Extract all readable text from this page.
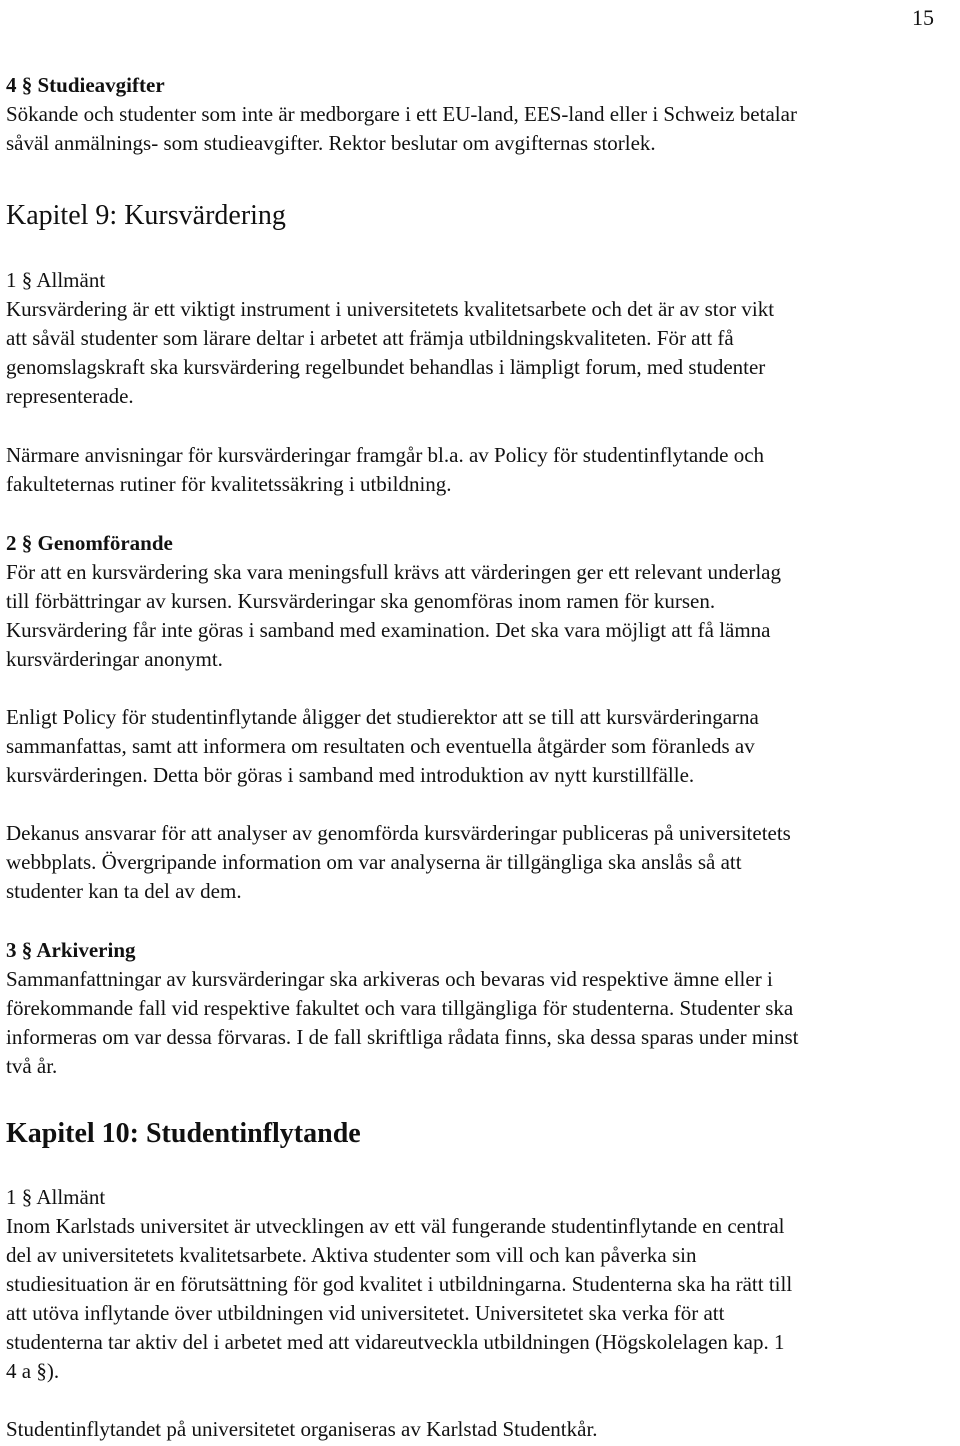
15
4 § Studieavgifter
Sökande och studenter som inte är medborgare i ett EU-land, EES-land eller i Schweiz betalar
såväl anmälnings- som studieavgifter. Rektor beslutar om avgifternas storlek.
Kapitel 9: Kursvärdering
1 § Allmänt
Kursvärdering är ett viktigt instrument i universitetets kvalitetsarbete och det är av stor vikt
att såväl studenter som lärare deltar i arbetet att främja utbildningskvaliteten. För att få
genomslagskraft ska kursvärdering regelbundet behandlas i lämpligt forum, med studenter
representerade.
Närmare anvisningar för kursvärderingar framgår bl.a. av Policy för studentinflytande och
fakulteternas rutiner för kvalitetssäkring i utbildning.
2 § Genomförande
För att en kursvärdering ska vara meningsfull krävs att värderingen ger ett relevant underlag
till förbättringar av kursen. Kursvärderingar ska genomföras inom ramen för kursen.
Kursvärdering får inte göras i samband med examination. Det ska vara möjligt att få lämna
kursvärderingar anonymt.
Enligt Policy för studentinflytande åligger det studierektor att se till att kursvärderingarna
sammanfattas, samt att informera om resultaten och eventuella åtgärder som föranleds av
kursvärderingen. Detta bör göras i samband med introduktion av nytt kurstillfälle.
Dekanus ansvarar för att analyser av genomförda kursvärderingar publiceras på universitetets
webbplats. Övergripande information om var analyserna är tillgängliga ska anslås så att
studenter kan ta del av dem.
3 § Arkivering
Sammanfattningar av kursvärderingar ska arkiveras och bevaras vid respektive ämne eller i
förekommande fall vid respektive fakultet och vara tillgängliga för studenterna. Studenter ska
informeras om var dessa förvaras. I de fall skriftliga rådata finns, ska dessa sparas under minst
två år.
Kapitel 10: Studentinflytande
1 § Allmänt
Inom Karlstads universitet är utvecklingen av ett väl fungerande studentinflytande en central
del av universitetets kvalitetsarbete. Aktiva studenter som vill och kan påverka sin
studiesituation är en förutsättning för god kvalitet i utbildningarna. Studenterna ska ha rätt till
att utöva inflytande över utbildningen vid universitetet. Universitetet ska verka för att
studenterna tar aktiv del i arbetet med att vidareutveckla utbildningen (Högskolelagen kap. 1
4 a §).
Studentinflytandet på universitetet organiseras av Karlstad Studentkår.
